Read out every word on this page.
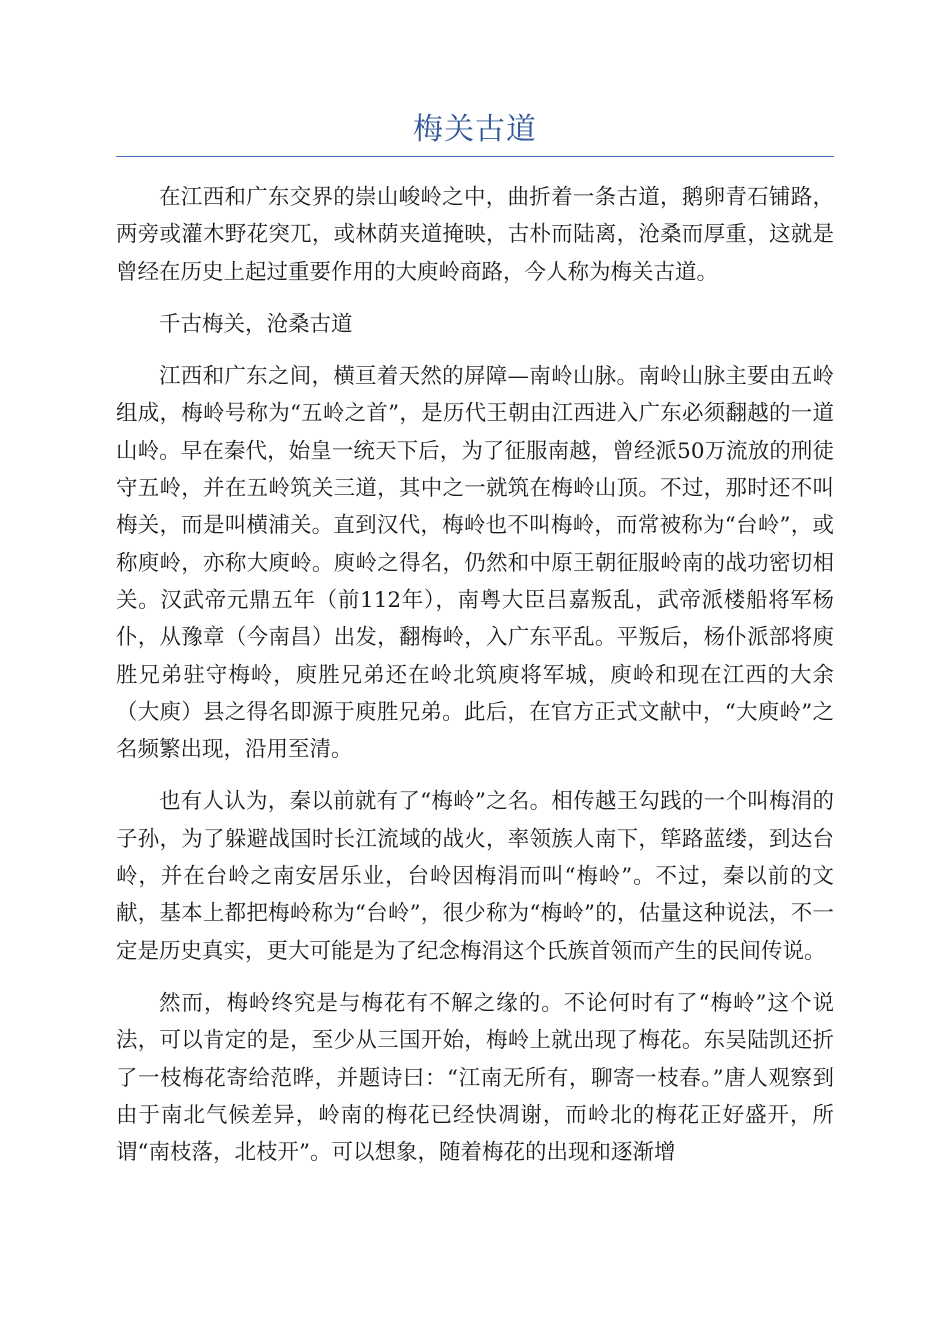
梅关古道

在江西和广东交界的崇山峻岭之中，曲折着一条古道，鹅卵青石铺路，两旁或灌木野花突兀，或林荫夹道掩映，古朴而陆离，沧桑而厚重，这就是曾经在历史上起过重要作用的大庾岭商路，今人称为梅关古道。

千古梅关，沧桑古道

江西和广东之间，横亘着天然的屏障—南岭山脉。南岭山脉主要由五岭组成，梅岭号称为“五岭之首”，是历代王朝由江西进入广东必须翻越的一道山岭。早在秦代，始皇一统天下后，为了征服南越，曾经派50万流放的刑徒守五岭，并在五岭筑关三道，其中之一就筑在梅岭山顶。不过，那时还不叫梅关，而是叫横浦关。直到汉代，梅岭也不叫梅岭，而常被称为“台岭”，或称庾岭，亦称大庾岭。庾岭之得名，仍然和中原王朝征服岭南的战功密切相关。汉武帝元鼎五年（前112年），南粤大臣吕嘉叛乱，武帝派楼船将军杨仆，从豫章（今南昌）出发，翻梅岭，入广东平乱。平叛后，杨仆派部将庾胜兄弟驻守梅岭，庾胜兄弟还在岭北筑庾将军城，庾岭和现在江西的大余（大庾）县之得名即源于庾胜兄弟。此后，在官方正式文献中，“大庾岭”之名频繁出现，沿用至清。

也有人认为，秦以前就有了“梅岭”之名。相传越王勾践的一个叫梅涓的子孙，为了躲避战国时长江流域的战火，率领族人南下，筚路蓝缕，到达台岭，并在台岭之南安居乐业，台岭因梅涓而叫“梅岭”。不过，秦以前的文献，基本上都把梅岭称为“台岭”，很少称为“梅岭”的，估量这种说法，不一定是历史真实，更大可能是为了纪念梅涓这个氏族首领而产生的民间传说。

然而，梅岭终究是与梅花有不解之缘的。不论何时有了“梅岭”这个说法，可以肯定的是，至少从三国开始，梅岭上就出现了梅花。东吴陆凯还折了一枝梅花寄给范晔，并题诗曰：“江南无所有，聊寄一枝春。”唐人观察到由于南北气候差异，岭南的梅花已经快凋谢，而岭北的梅花正好盛开，所谓“南枝落，北枝开”。可以想象，随着梅花的出现和逐渐增
